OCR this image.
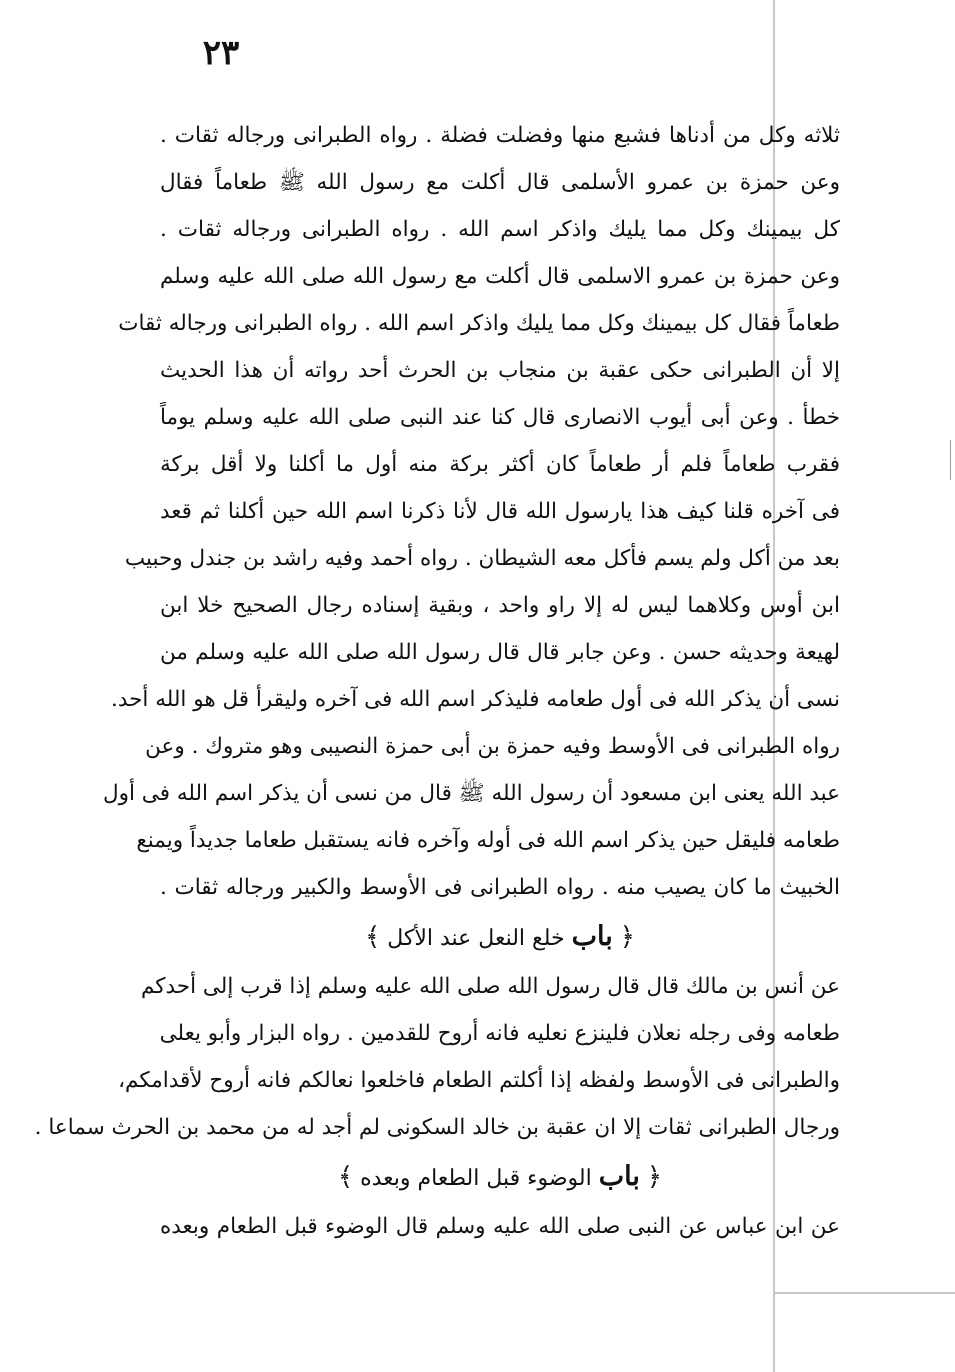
٢٣
ثلاثه وكل من أدناها فشبع منها وفضلت فضلة . رواه الطبرانى ورجاله ثقات .
وعن حمزة بن عمرو الأسلمى قال أكلت مع رسول الله ﷺ طعاماً فقال
كل بيمينك وكل مما يليك واذكر اسم الله . رواه الطبرانى ورجاله ثقات .
وعن حمزة بن عمرو الاسلمى قال أكلت مع رسول الله صلى الله عليه وسلم
طعاماً فقال كل بيمينك وكل مما يليك واذكر اسم الله . رواه الطبرانى ورجاله ثقات
إلا أن الطبرانى حكى عقبة بن منجاب بن الحرث أحد رواته أن هذا الحديث
خطأ . وعن أبى أيوب الانصارى قال كنا عند النبى صلى الله عليه وسلم يوماً
فقرب طعاماً فلم أر طعاماً كان أكثر بركة منه أول ما أكلنا ولا أقل بركة
فى آخره قلنا كيف هذا يارسول الله قال لأنا ذكرنا اسم الله حين أكلنا ثم قعد
بعد من أكل ولم يسم فأكل معه الشيطان . رواه أحمد وفيه راشد بن جندل وحبيب
ابن أوس وكلاهما ليس له إلا راو واحد ، وبقية إسناده رجال الصحيح خلا ابن
لهيعة وحديثه حسن . وعن جابر قال قال رسول الله صلى الله عليه وسلم من
نسى أن يذكر الله فى أول طعامه فليذكر اسم الله فى آخره وليقرأ قل هو الله أحد.
رواه الطبرانى فى الأوسط وفيه حمزة بن أبى حمزة النصيبى وهو متروك . وعن
عبد الله يعنى ابن مسعود أن رسول الله ﷺ قال من نسى أن يذكر اسم الله فى أول
طعامه فليقل حين يذكر اسم الله فى أوله وآخره فانه يستقبل طعاما جديداً ويمنع
الخبيث ما كان يصيب منه . رواه الطبرانى فى الأوسط والكبير ورجاله ثقات .
﴿ باب خلع النعل عند الأكل ﴾
عن أنس بن مالك قال قال رسول الله صلى الله عليه وسلم إذا قرب إلى أحدكم
طعامه وفى رجله نعلان فلينزع نعليه فانه أروح للقدمين . رواه البزار وأبو يعلى
والطبرانى فى الأوسط ولفظه إذا أكلتم الطعام فاخلعوا نعالكم فانه أروح لأقدامكم،
ورجال الطبرانى ثقات إلا ان عقبة بن خالد السكونى لم أجد له من محمد بن الحرث سماعا .
﴿ باب الوضوء قبل الطعام وبعده ﴾
عن ابن عباس عن النبى صلى الله عليه وسلم قال الوضوء قبل الطعام وبعده
